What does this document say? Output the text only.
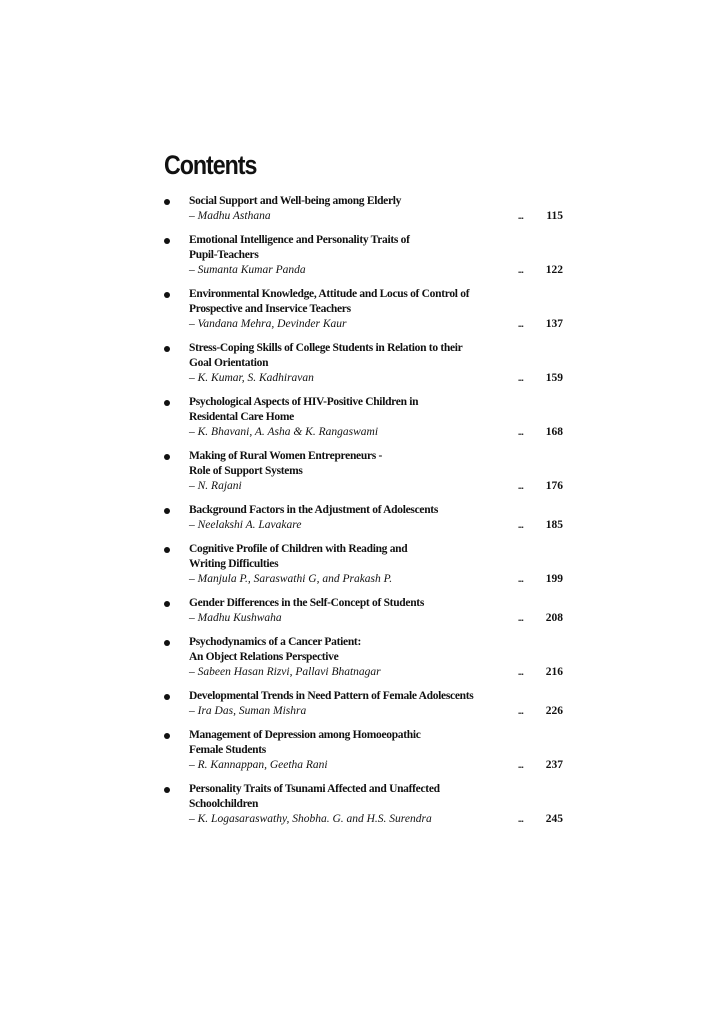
Contents
Social Support and Well-being among Elderly
– Madhu Asthana	...	115
Emotional Intelligence and Personality Traits of
Pupil-Teachers
– Sumanta Kumar Panda	...	122
Environmental Knowledge, Attitude and Locus of Control of
Prospective and Inservice Teachers
– Vandana Mehra, Devinder Kaur	...	137
Stress-Coping Skills of College Students in Relation to their
Goal Orientation
– K. Kumar, S. Kadhiravan	...	159
Psychological Aspects of HIV-Positive Children in
Residental Care Home
– K. Bhavani, A. Asha & K. Rangaswami	...	168
Making of Rural Women Entrepreneurs -
Role of Support Systems
– N. Rajani	...	176
Background Factors in the Adjustment of Adolescents
– Neelakshi A. Lavakare	...	185
Cognitive Profile of Children with Reading and
Writing Difficulties
– Manjula P., Saraswathi G, and Prakash P.	...	199
Gender Differences in the Self-Concept of Students
– Madhu Kushwaha	...	208
Psychodynamics of a Cancer Patient:
An Object Relations Perspective
– Sabeen Hasan Rizvi, Pallavi Bhatnagar	...	216
Developmental Trends in Need Pattern of Female Adolescents
– Ira Das, Suman Mishra	...	226
Management of Depression among Homoeopathic
Female Students
– R. Kannappan, Geetha Rani	...	237
Personality Traits of Tsunami Affected and Unaffected
Schoolchildren
– K. Logasaraswathy, Shobha. G. and H.S. Surendra	...	245
